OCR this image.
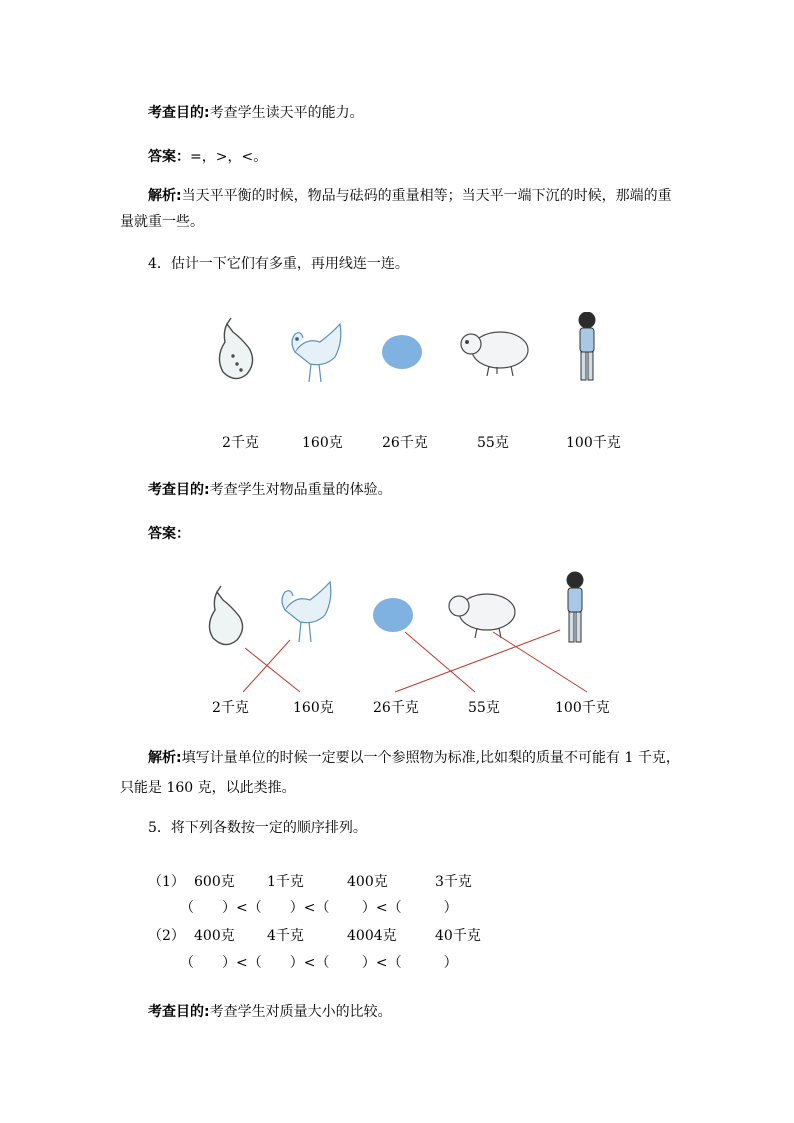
考查目的:考查学生读天平的能力。
答案：=，>，<。
解析:当天平平衡的时候，物品与砝码的重量相等；当天平一端下沉的时候，那端的重
量就重一些。
4．估计一下它们有多重，再用线连一连。
2千克	160克	26千克	55克	100千克
考查目的:考查学生对物品重量的体验。
答案：
2千克	160克	26千克	55克	100千克
解析:填写计量单位的时候一定要以一个参照物为标准,比如梨的质量不可能有 1 千克，
只能是 160 克，以此类推。
5．将下列各数按一定的顺序排列。
（1） 600克 1千克	400克	3千克
（　　）<（　　）<（　　 ）<（　　　）
（2） 400克 4千克	4004克	40千克
（　　）<（　　）<（　　 ）<（　　　）
考查目的:考查学生对质量大小的比较。
